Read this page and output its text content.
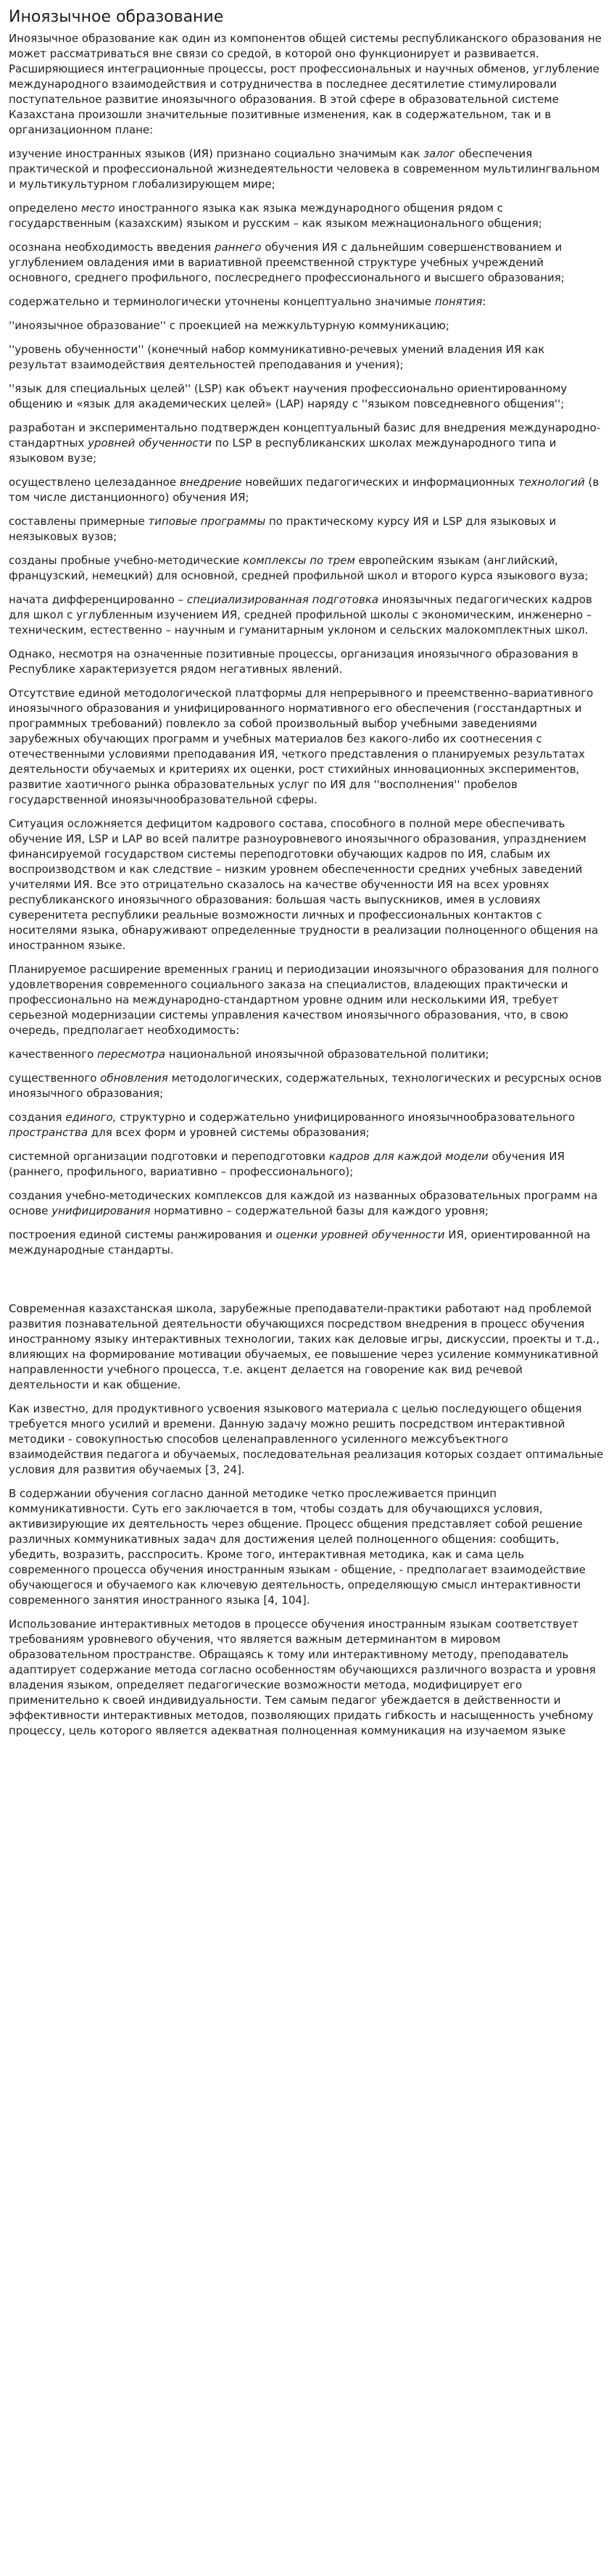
Иноязычное образование

Иноязычное образование как один из компонентов общей системы республиканского образования не может рассматриваться вне связи со средой, в которой оно функционирует и развивается. Расширяющиеся интеграционные процессы, рост профессиональных и научных обменов, углубление международного взаимодействия и сотрудничества в последнее десятилетие стимулировали поступательное развитие иноязычного образования. В этой сфере в образовательной системе Казахстана произошли значительные позитивные изменения, как в содержательном, так и в организационном плане:

изучение иностранных языков (ИЯ) признано социально значимым как залог обеспечения практической и профессиональной жизнедеятельности человека в современном мультилингвальном и мультикультурном глобализирующем мире;

определено место иностранного языка как языка международного общения рядом с государственным (казахским) языком и русским – как языком межнационального общения;

осознана необходимость введения раннего обучения ИЯ с дальнейшим совершенствованием и углублением овладения ими в вариативной преемственной структуре учебных учреждений основного, среднего профильного, послесреднего профессионального и высшего образования;

содержательно и терминологически уточнены концептуально значимые понятия:

''иноязычное образование'' с проекцией на межкультурную коммуникацию;

''уровень обученности'' (конечный набор коммуникативно-речевых умений владения ИЯ как результат взаимодействия деятельностей преподавания и учения);

''язык для специальных целей'' (LSP) как объект научения профессионально ориентированному общению и «язык для академических целей» (LAP) наряду с ''языком повседневного общения'';

разработан и экспериментально подтвержден концептуальный базис для внедрения международно-стандартных уровней обученности по LSP в республиканских школах международного типа и языковом вузе;

осуществлено целезаданное внедрение новейших педагогических и информационных технологий (в том числе дистанционного) обучения ИЯ;

составлены примерные типовые программы по практическому курсу ИЯ и LSP для языковых и неязыковых вузов;

созданы пробные учебно-методические комплексы по трем европейским языкам (английский, французский, немецкий) для основной, средней профильной школ и второго курса языкового вуза;

начата дифференцированно – специализированная подготовка иноязычных педагогических кадров для школ с углубленным изучением ИЯ, средней профильной школы с экономическим, инженерно – техническим, естественно – научным и гуманитарным уклоном и сельских малокомплектных школ.

Однако, несмотря на означенные позитивные процессы, организация иноязычного образования в Республике характеризуется рядом негативных явлений.

Отсутствие единой методологической платформы для непрерывного и преемственно–вариативного иноязычного образования и унифицированного нормативного его обеспечения (госстандартных и программных требований) повлекло за собой произвольный выбор учебными заведениями зарубежных обучающих программ и учебных материалов без какого-либо их соотнесения с отечественными условиями преподавания ИЯ, четкого представления о планируемых результатах деятельности обучаемых и критериях их оценки, рост стихийных инновационных экспериментов, развитие хаотичного рынка образовательных услуг по ИЯ для ''восполнения'' пробелов государственной иноязычнообразовательной сферы.

Ситуация осложняется дефицитом кадрового состава, способного в полной мере обеспечивать обучение ИЯ, LSP и LAP во всей палитре разноуровневого иноязычного образования, упразднением финансируемой государством системы переподготовки обучающих кадров по ИЯ, слабым их воспроизводством и как следствие – низким уровнем обеспеченности средних учебных заведений учителями ИЯ. Все это отрицательно сказалось на качестве обученности ИЯ на всех уровнях республиканского иноязычного образования: большая часть выпускников, имея в условиях суверенитета республики реальные возможности личных и профессиональных контактов с носителями языка, обнаруживают определенные трудности в реализации полноценного общения на иностранном языке.

Планируемое расширение временных границ и периодизации иноязычного образования для полного удовлетворения современного социального заказа на специалистов, владеющих практически и профессионально на международно-стандартном уровне одним или несколькими ИЯ, требует серьезной модернизации системы управления качеством иноязычного образования, что, в свою очередь, предполагает необходимость:

качественного пересмотра национальной иноязычной образовательной политики;

существенного обновления методологических, содержательных, технологических и ресурсных основ иноязычного образования;

создания единого, структурно и содержательно унифицированного иноязычнообразовательного пространства для всех форм и уровней системы образования;

системной организации подготовки и переподготовки кадров для каждой модели обучения ИЯ (раннего, профильного, вариативно – профессионального);

создания учебно-методических комплексов для каждой из названных образовательных программ на основе унифицирования нормативно – содержательной базы для каждого уровня;

построения единой системы ранжирования и оценки уровней обученности ИЯ, ориентированной на международные стандарты.

Современная казахстанская школа, зарубежные преподаватели-практики работают над проблемой развития познавательной деятельности обучающихся посредством внедрения в процесс обучения иностранному языку интерактивных технологии, таких как деловые игры, дискуссии, проекты и т.д., влияющих на формирование мотивации обучаемых, ее повышение через усиление коммуникативной направленности учебного процесса, т.е. акцент делается на говорение как вид речевой деятельности и как общение.

Как известно, для продуктивного усвоения языкового материала с целью последующего общения требуется много усилий и времени. Данную задачу можно решить посредством интерактивной методики - совокупностью способов целенаправленного усиленного межсубъектного взаимодействия педагога и обучаемых, последовательная реализация которых создает оптимальные условия для развития обучаемых [3, 24].

В содержании обучения согласно данной методике четко прослеживается принцип коммуникативности. Суть его заключается в том, чтобы создать для обучающихся условия, активизирующие их деятельность через общение. Процесс общения представляет собой решение различных коммуникативных задач для достижения целей полноценного общения: сообщить, убедить, возразить, расспросить. Кроме того, интерактивная методика, как и сама цель современного процесса обучения иностранным языкам - общение, - предполагает взаимодействие обучающегося и обучаемого как ключевую деятельность, определяющую смысл интерактивности современного занятия иностранного языка [4, 104].

Использование интерактивных методов в процессе обучения иностранным языкам соответствует требованиям уровневого обучения, что является важным детерминантом в мировом образовательном пространстве. Обращаясь к тому или интерактивному методу, преподаватель адаптирует содержание метода согласно особенностям обучающихся различного возраста и уровня владения языком, определяет педагогические возможности метода, модифицирует его применительно к своей индивидуальности. Тем самым педагог убеждается в действенности и эффективности интерактивных методов, позволяющих придать гибкость и насыщенность учебному процессу, цель которого является адекватная полноценная коммуникация на изучаемом языке
